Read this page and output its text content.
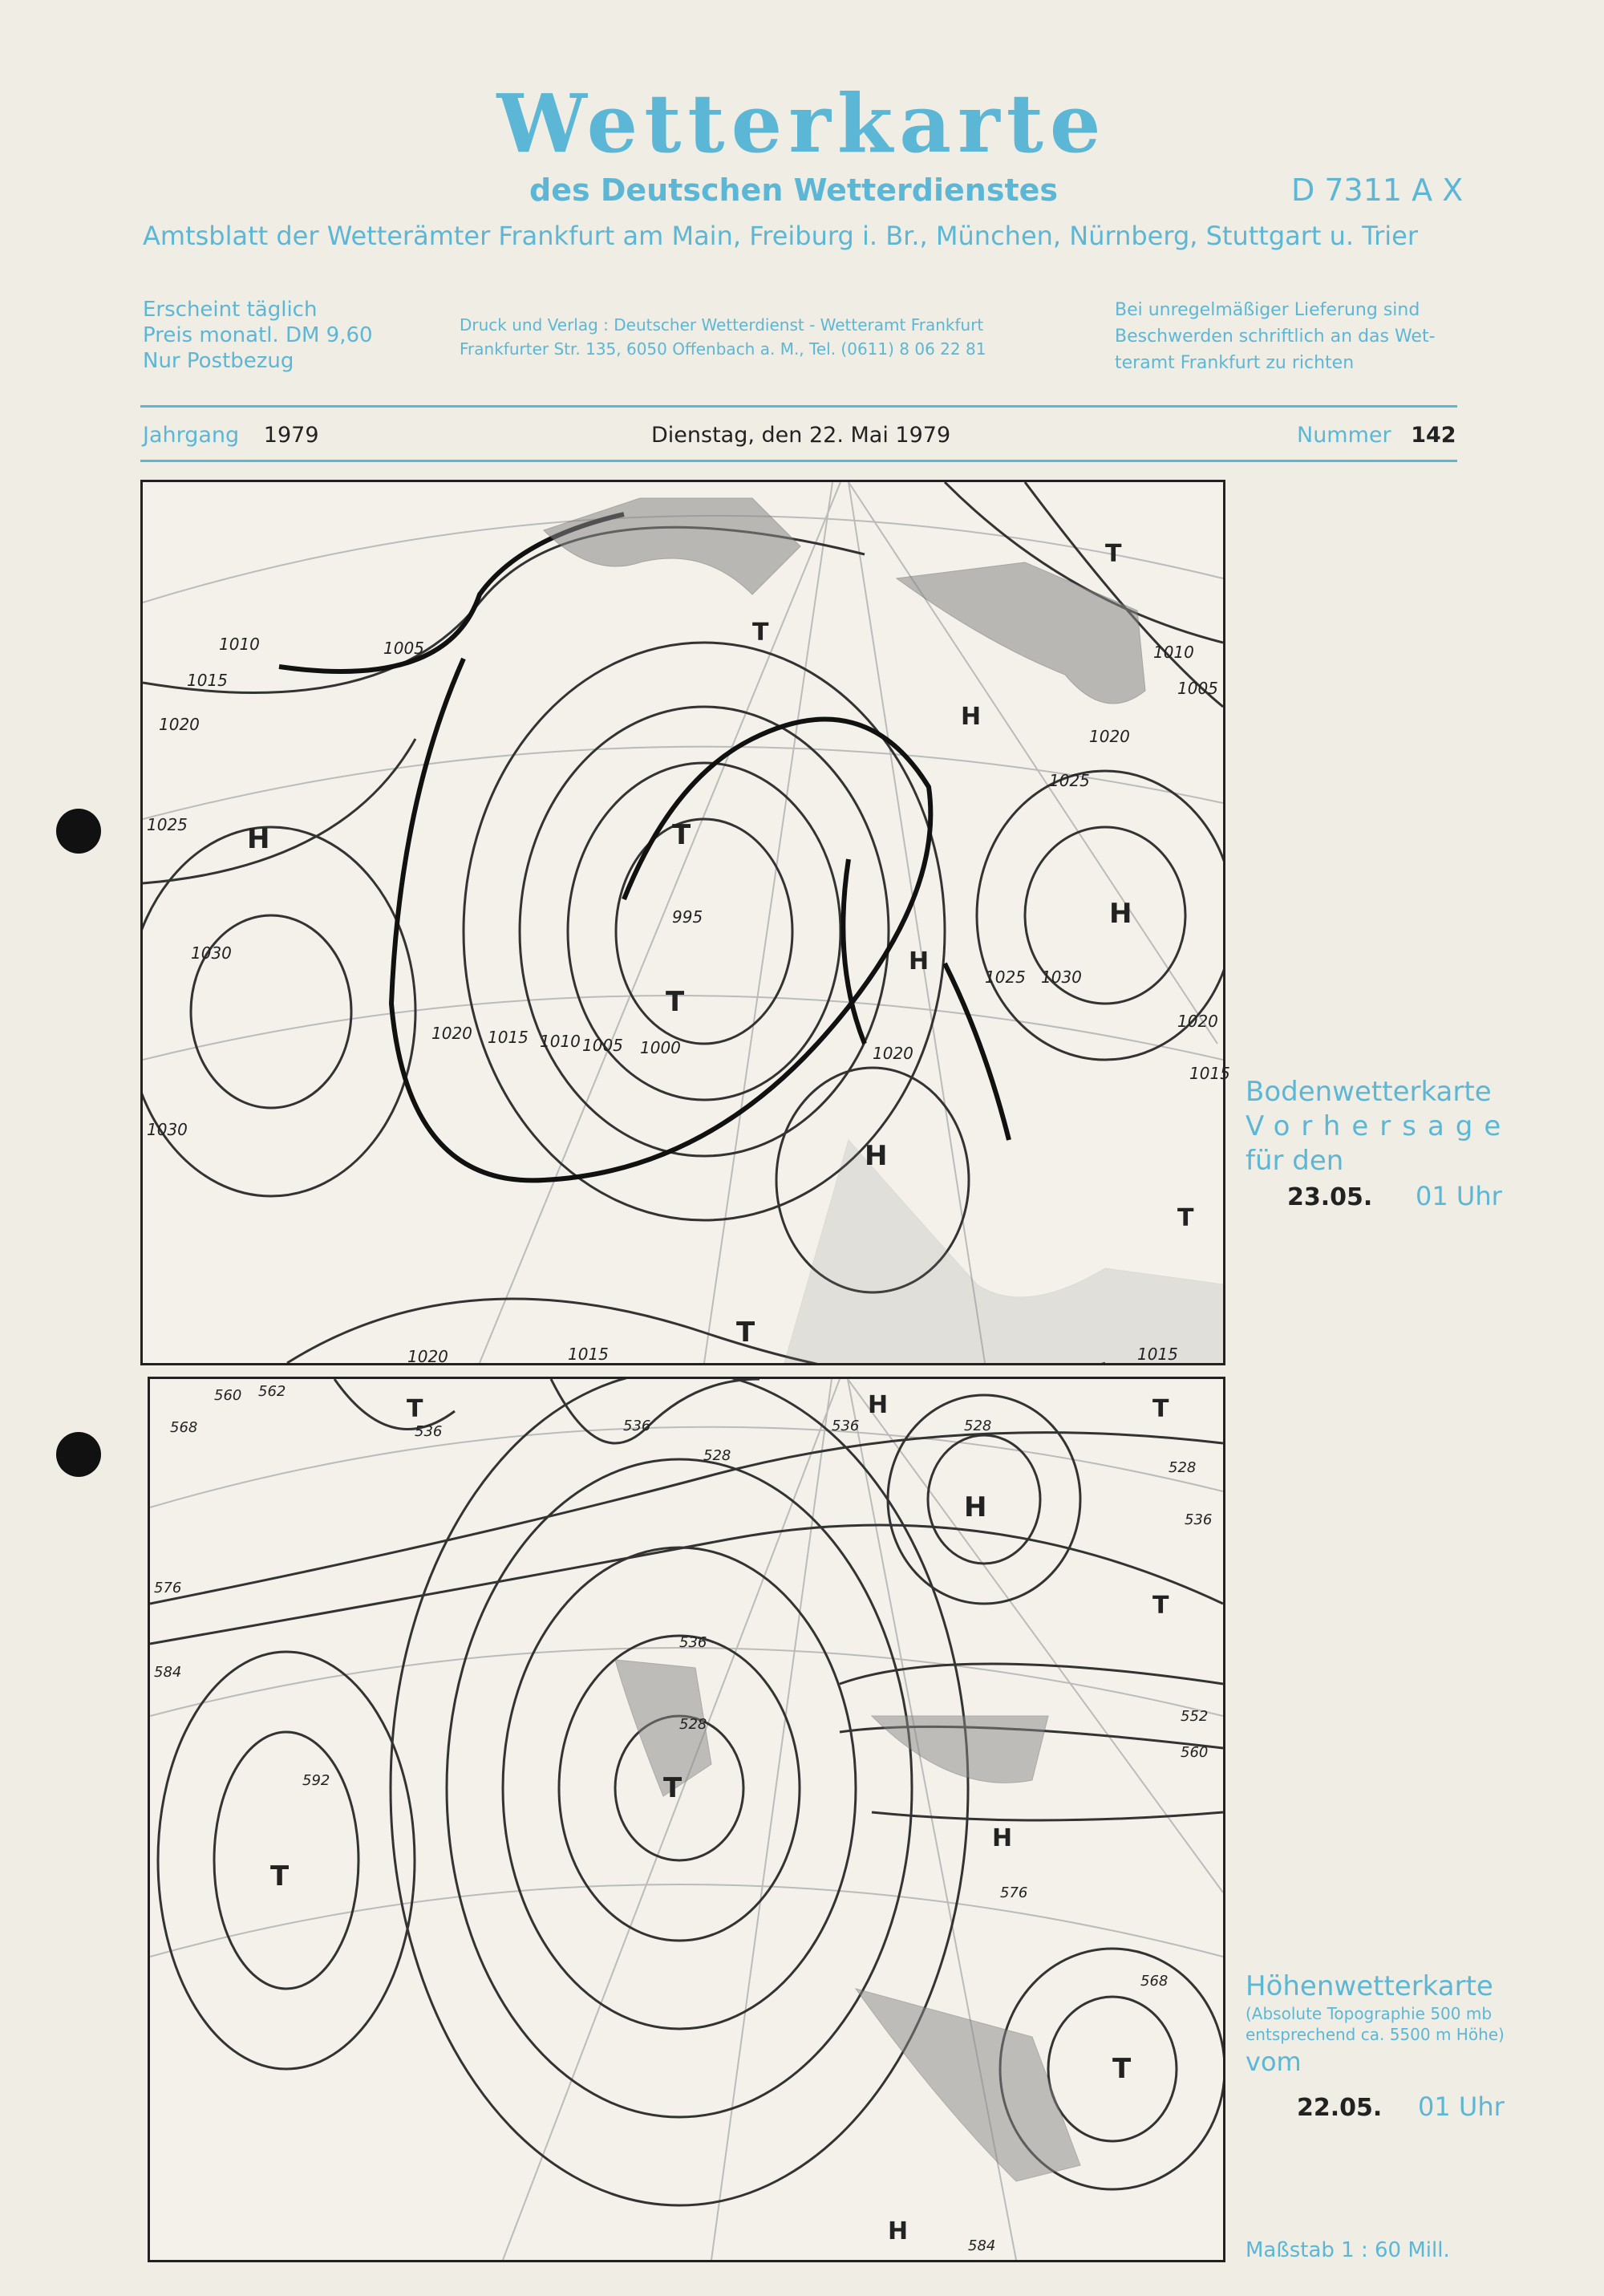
Wetterkarte
des Deutschen Wetterdienstes	D 7311 A X
Amtsblatt der Wetterämter Frankfurt am Main, Freiburg i. Br., München, Nürnberg, Stuttgart u. Trier
Erscheint täglich
Preis monatl. DM 9,60
Nur Postbezug
Druck und Verlag : Deutscher Wetterdienst - Wetteramt Frankfurt
Frankfurter Str. 135, 6050 Offenbach a. M., Tel. (0611) 8 06 22 81
Bei unregelmäßiger Lieferung sind
Beschwerden schriftlich an das Wet-
teramt Frankfurt zu richten
Jahrgang 1979	Dienstag, den 22. Mai 1979	Nummer 142
H	T
T
H
H
T
H
T
T
H
T
1010
1015
1020
1005
1025
1030
1030
1020 1015 1010 1005 1000
995
1020
1025 1030
1020
1015
1015
1020	1015
1010
1005
1020
1025
Bodenwetterkarte
Vorhersage
für den
23.05. 01 Uhr
T
T
H
T
T
T
H
H	T
H
560 562
568	536	536
528
536	528
576
584
536
528
592
552
560
568
576
584
528
536
Höhenwetterkarte
(Absolute Topographie 500 mb
entsprechend ca. 5500 m Höhe)
vom
22.05. 01 Uhr
Maßstab 1 : 60 Mill.
